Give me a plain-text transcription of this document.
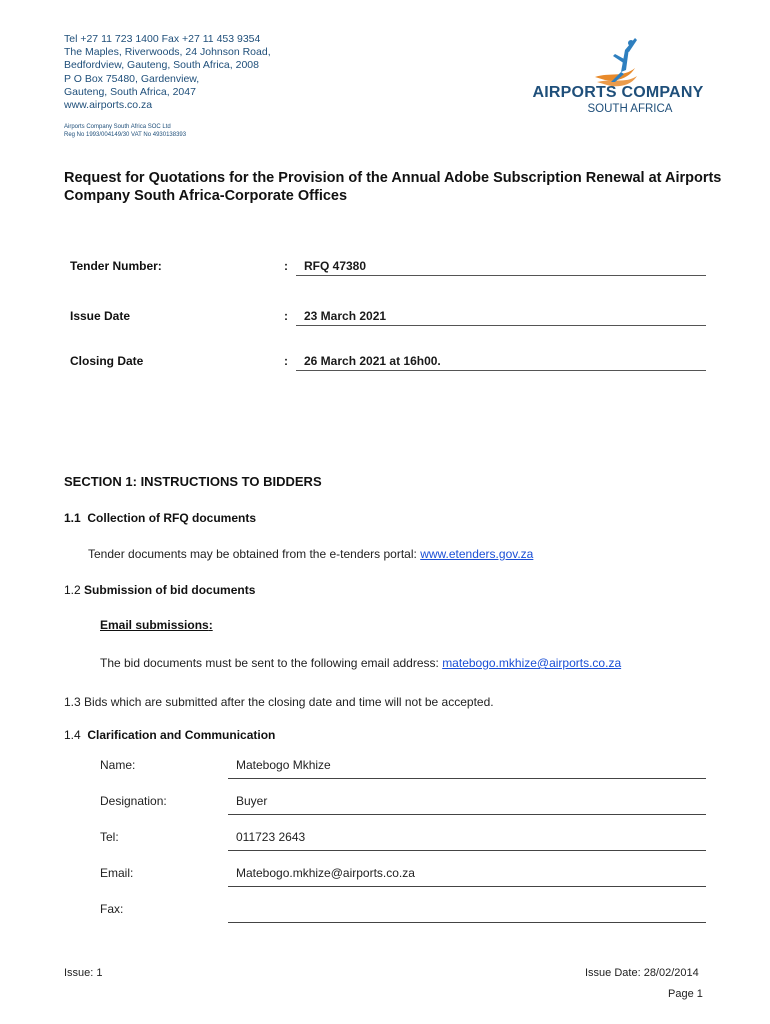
Tel +27 11 723 1400 Fax +27 11 453 9354
The Maples, Riverwoods, 24 Johnson Road,
Bedfordview, Gauteng, South Africa, 2008
P O Box 75480, Gardenview,
Gauteng, South Africa, 2047
www.airports.co.za
Airports Company South Africa SOC Ltd
Reg No 1993/004149/30 VAT No 4930138393
AIRPORTS COMPANY
SOUTH AFRICA
Request for Quotations for the Provision of the Annual Adobe Subscription Renewal at Airports Company South Africa-Corporate Offices
Tender Number:	:	RFQ 47380
Issue Date	:	23 March 2021
Closing Date	:	26 March 2021 at 16h00.
SECTION 1: INSTRUCTIONS TO BIDDERS
1.1 Collection of RFQ documents
Tender documents may be obtained from the e-tenders portal: www.etenders.gov.za
1.2 Submission of bid documents
Email submissions:
The bid documents must be sent to the following email address: matebogo.mkhize@airports.co.za
1.3 Bids which are submitted after the closing date and time will not be accepted.
1.4 Clarification and Communication
Name:	Matebogo Mkhize
Designation:	Buyer
Tel:	011723 2643
Email:	Matebogo.mkhize@airports.co.za
Fax:
Issue: 1	Issue Date: 28/02/2014
Page 1
